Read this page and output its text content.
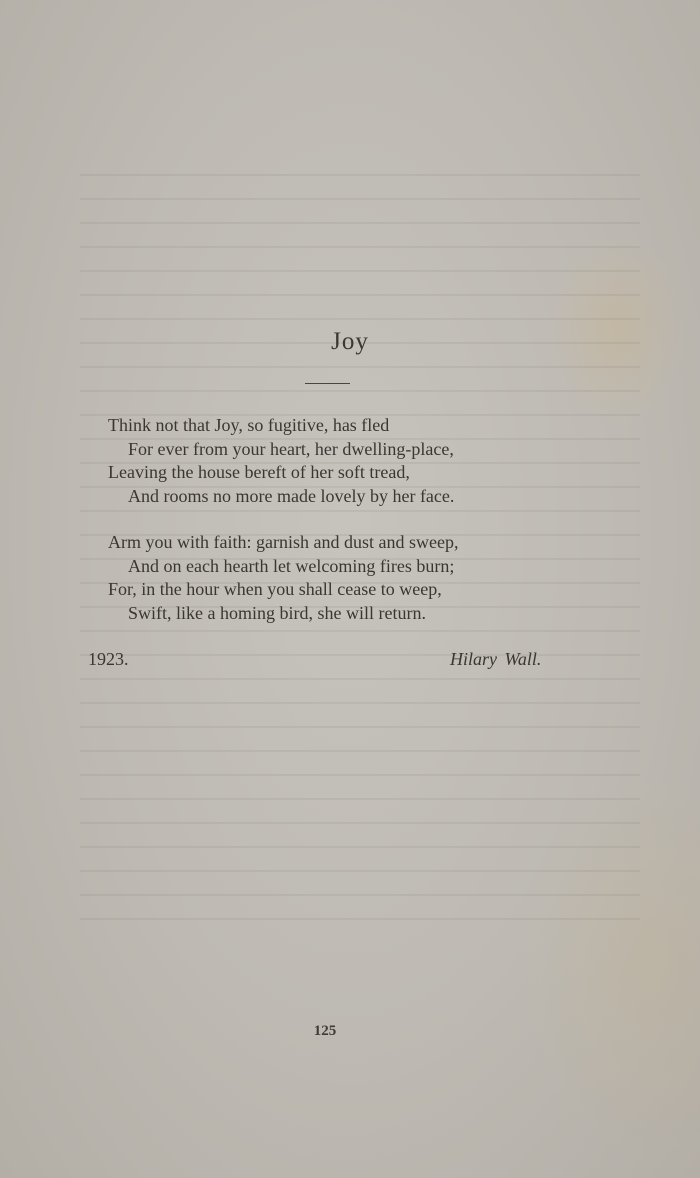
Joy
Think not that Joy, so fugitive, has fled
For ever from your heart, her dwelling-place,
Leaving the house bereft of her soft tread,
And rooms no more made lovely by her face.
Arm you with faith: garnish and dust and sweep,
And on each hearth let welcoming fires burn;
For, in the hour when you shall cease to weep,
Swift, like a homing bird, she will return.
1923.	Hilary Wall.
125
